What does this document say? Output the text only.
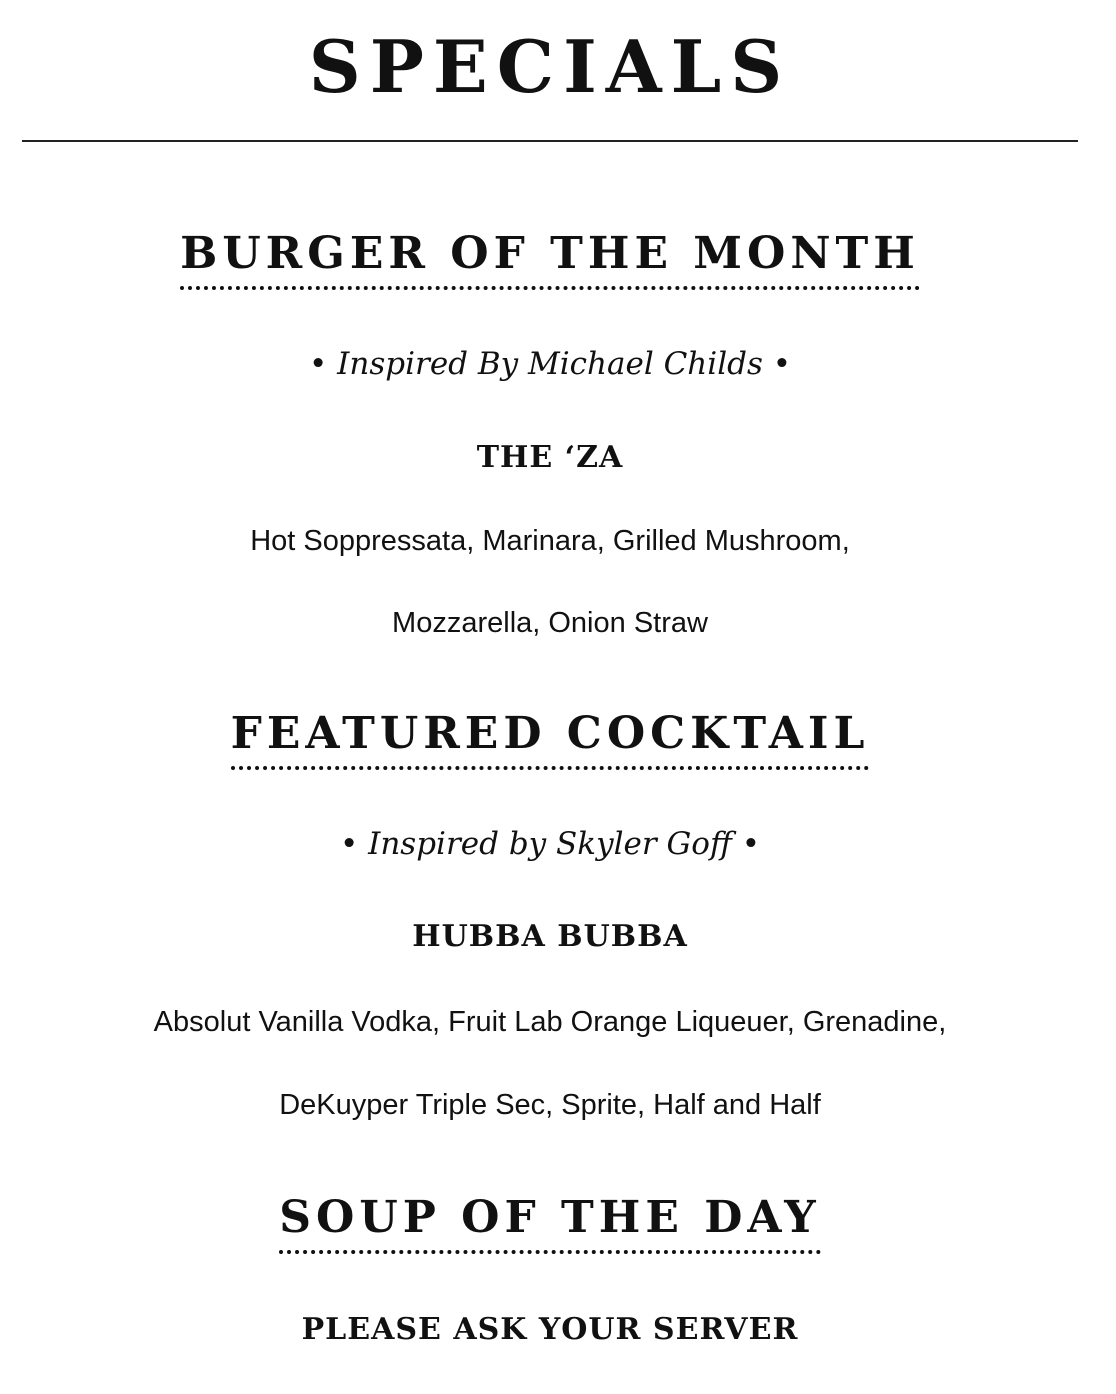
SPECIALS
BURGER OF THE MONTH

• Inspired By Michael Childs •

THE ‘ZA

Hot Soppressata, Marinara, Grilled Mushroom,

Mozzarella, Onion Straw

FEATURED COCKTAIL

• Inspired by Skyler Goff •

HUBBA BUBBA

Absolut Vanilla Vodka, Fruit Lab Orange Liqueuer, Grenadine,

DeKuyper Triple Sec, Sprite, Half and Half

SOUP OF THE DAY

PLEASE ASK YOUR SERVER
